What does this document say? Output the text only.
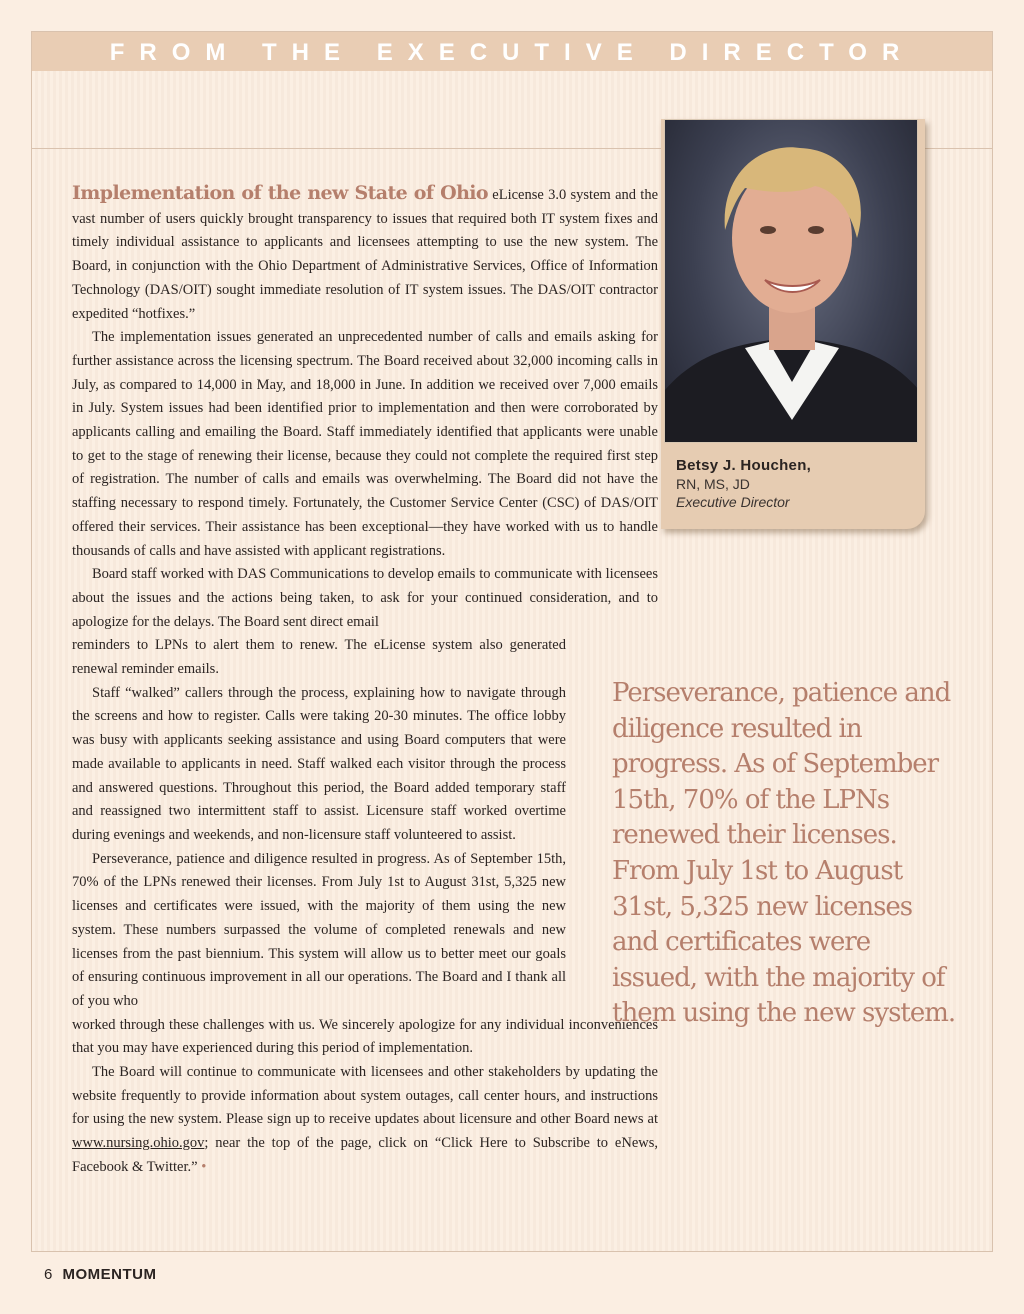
FROM THE EXECUTIVE DIRECTOR
Betsy J. Houchen,
RN, MS, JD
Executive Director

Implementation of the new State of Ohio eLicense 3.0 system and the vast number of users quickly brought transparency to issues that required both IT system fixes and timely individual assistance to applicants and licensees attempting to use the new system. The Board, in conjunction with the Ohio Department of Administrative Services, Office of Information Technology (DAS/OIT) sought immediate resolution of IT system issues. The DAS/OIT contractor expedited “hotfixes.”

The implementation issues generated an unprecedented number of calls and emails asking for further assistance across the licensing spectrum. The Board received about 32,000 incoming calls in July, as compared to 14,000 in May, and 18,000 in June. In addition we received over 7,000 emails in July. System issues had been identified prior to implementation and then were corroborated by applicants calling and emailing the Board. Staff immediately identified that applicants were unable to get to the stage of renewing their license, because they could not complete the required first step of registration. The number of calls and emails was overwhelming. The Board did not have the staffing necessary to respond timely. Fortunately, the Customer Service Center (CSC) of DAS/OIT offered their services. Their assistance has been exceptional—they have worked with us to handle thousands of calls and have assisted with applicant registrations.

Board staff worked with DAS Communications to develop emails to communicate with licensees about the issues and the actions being taken, to ask for your continued consideration, and to apologize for the delays. The Board sent direct email

reminders to LPNs to alert them to renew. The eLicense system also generated renewal reminder emails.

Staff “walked” callers through the process, explaining how to navigate through the screens and how to register. Calls were taking 20-30 minutes. The office lobby was busy with applicants seeking assistance and using Board computers that were made available to applicants in need. Staff walked each visitor through the process and answered questions. Throughout this period, the Board added temporary staff and reassigned two intermittent staff to assist. Licensure staff worked overtime during evenings and weekends, and non-licensure staff volunteered to assist.

Perseverance, patience and diligence resulted in progress. As of September 15th, 70% of the LPNs renewed their licenses. From July 1st to August 31st, 5,325 new licenses and certificates were issued, with the majority of them using the new system. These numbers surpassed the volume of completed renewals and new licenses from the past biennium. This system will allow us to better meet our goals of ensuring continuous improvement in all our operations. The Board and I thank all of you who

worked through these challenges with us. We sincerely apologize for any individual inconveniences that you may have experienced during this period of implementation.

The Board will continue to communicate with licensees and other stakeholders by updating the website frequently to provide information about system outages, call center hours, and instructions for using the new system. Please sign up to receive updates about licensure and other Board news at www.nursing.ohio.gov; near the top of the page, click on “Click Here to Subscribe to eNews, Facebook & Twitter.” •

Perseverance, patience and diligence resulted in progress. As of September 15th, 70% of the LPNs renewed their licenses. From July 1st to August 31st, 5,325 new licenses and certificates were issued, with the majority of them using the new system.
6 MOMENTUM
